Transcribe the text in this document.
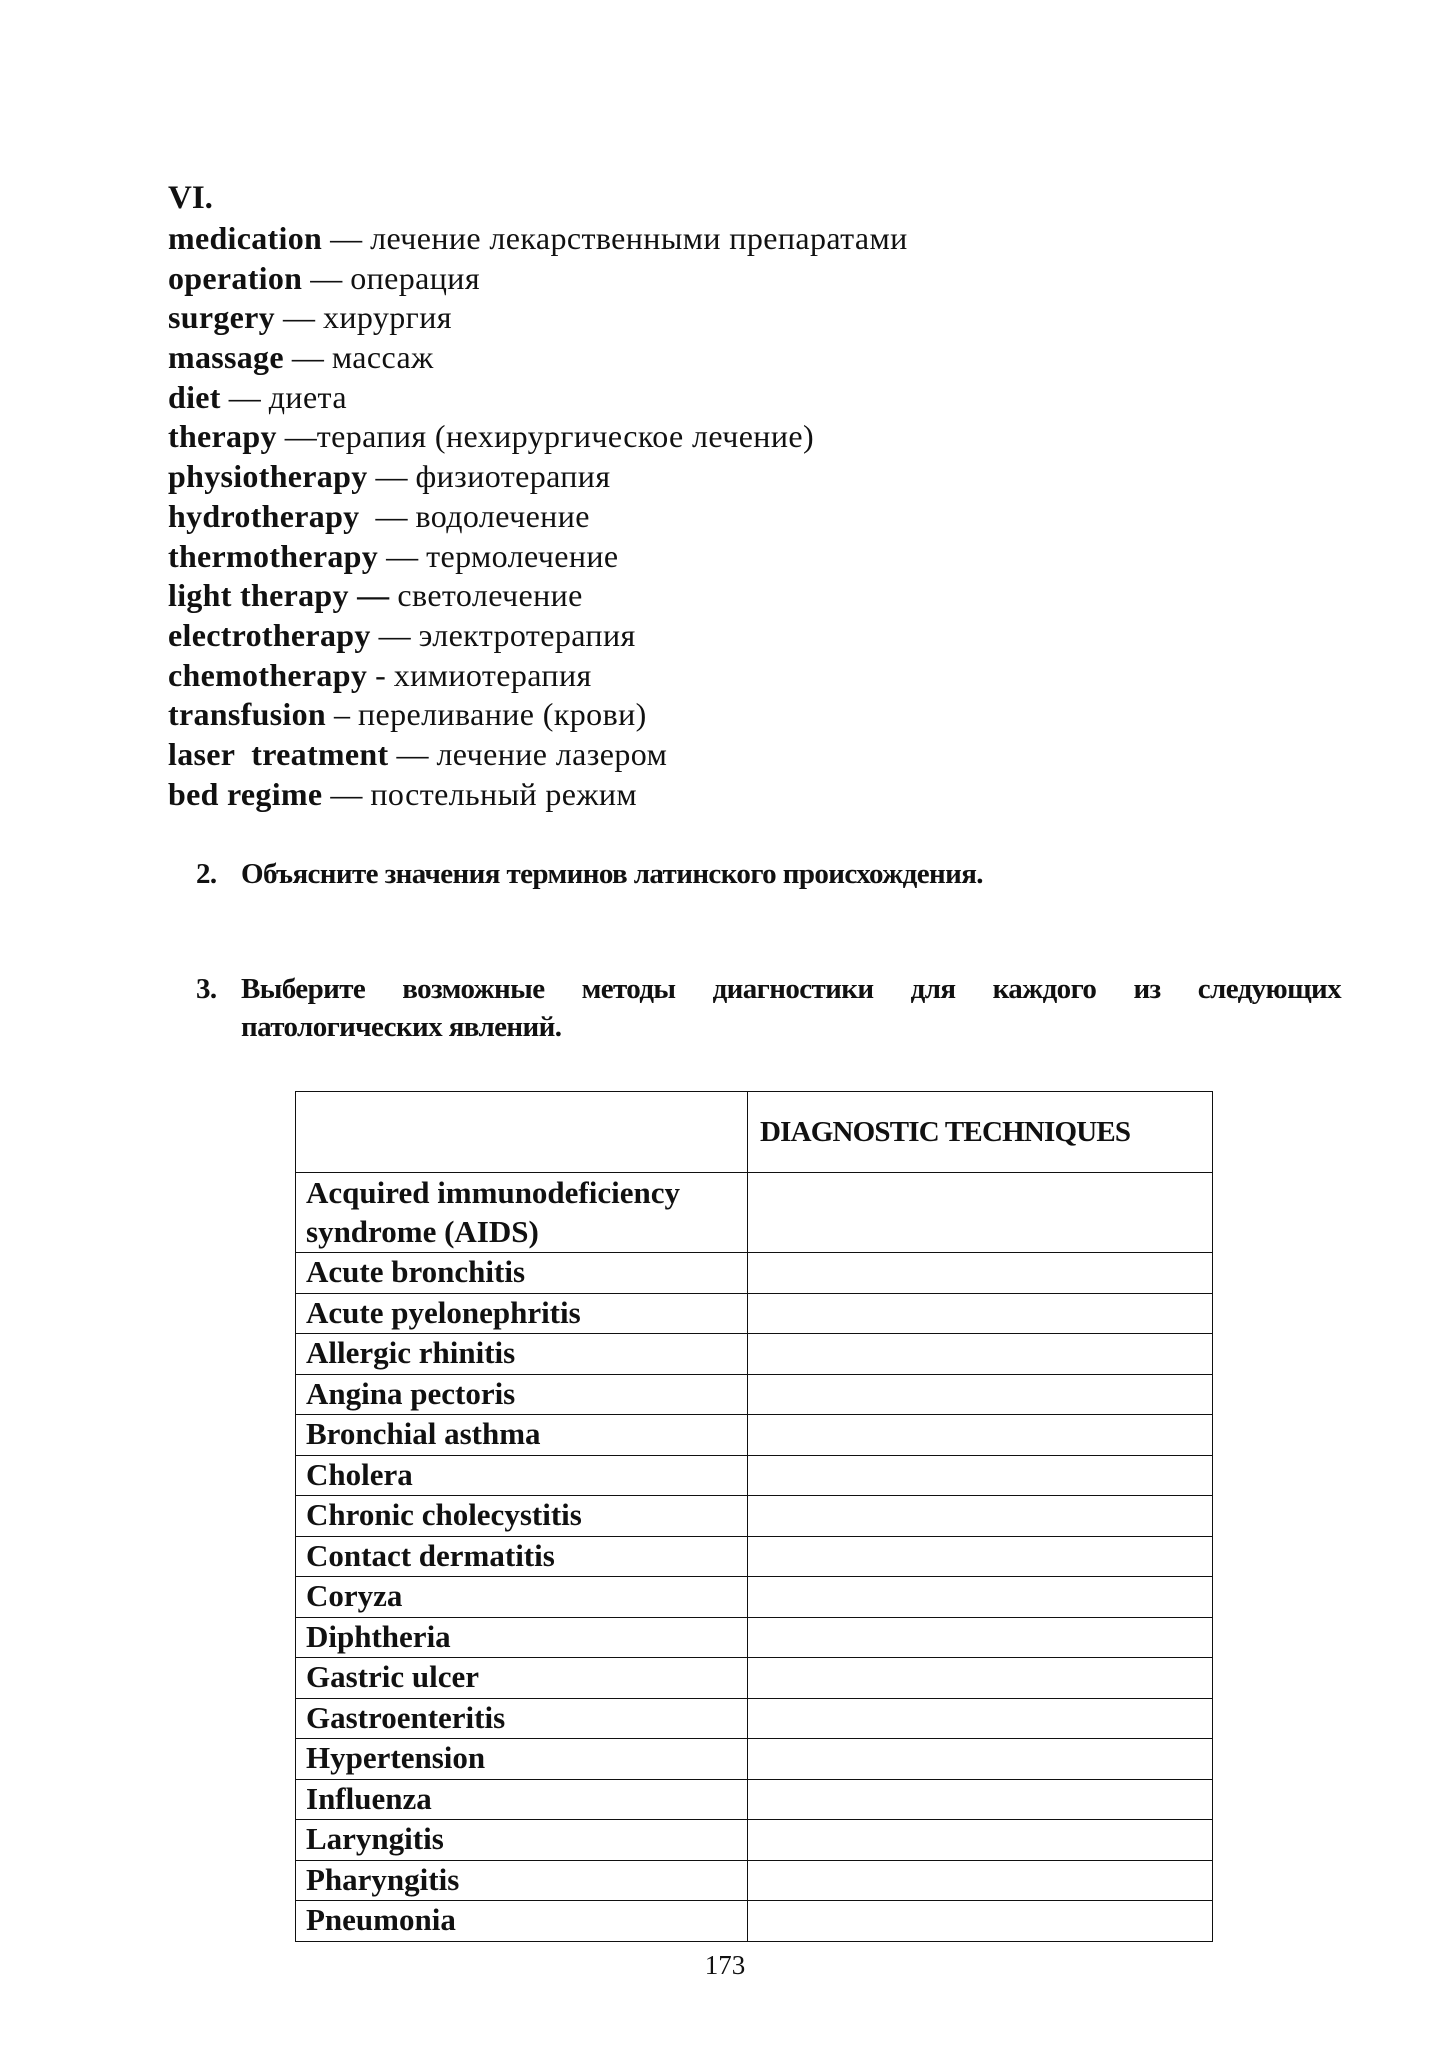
VI.
medication — лечение лекарственными препаратами
operation — операция
surgery — хирургия
massage — массаж
diet — диета
therapy —терапия (нехирургическое лечение)
physiotherapy — физиотерапия
hydrotherapy  — водолечение
thermotherapy — термолечение
light therapy — светолечение
electrotherapy — электротерапия
chemotherapy - химиотерапия
transfusion – переливание (крови)
laser  treatment — лечение лазером
bed regime — постельный режим
2. Объясните значения терминов латинского происхождения.
3. Выберите возможные методы диагностики для каждого из следующих
патологических явлений.
	DIAGNOSTIC TECHNIQUES
Acquired immunodeficiency
syndrome (AIDS)	
Acute bronchitis	
Acute pyelonephritis	
Allergic rhinitis	
Angina pectoris	
Bronchial asthma	
Cholera	
Chronic cholecystitis	
Contact dermatitis	
Coryza	
Diphtheria	
Gastric ulcer	
Gastroenteritis	
Hypertension	
Influenza	
Laryngitis	
Pharyngitis	
Pneumonia	
173
